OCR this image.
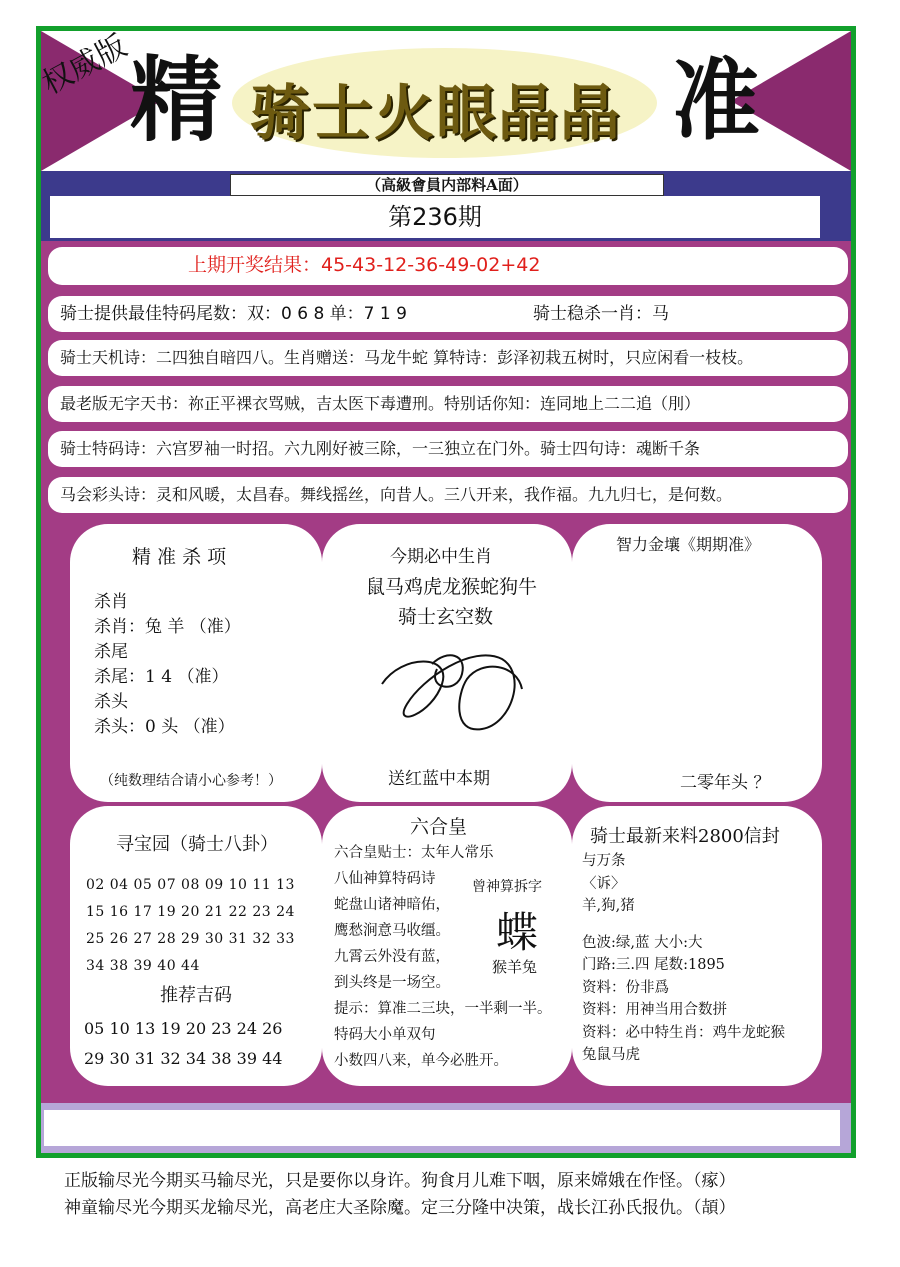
权威版
精 骑士火眼晶晶 准
（高級會員内部料A面）
第236期
上期开奖结果：45-43-12-36-49-02+42
骑士提供最佳特码尾数：双：0 6 8 单：7 1 9	骑士稳杀一肖：马
骑士天机诗：二四独自暗四八。生肖赠送：马龙牛蛇 算特诗：彭泽初栽五树时，只应闲看一枝枝。
最老版无字天书：祢正平裸衣骂贼，吉太医下毒遭刑。特别话你知：连同地上二二追（刖）
骑士特码诗：六宫罗袖一时招。六九刚好被三除，一三独立在门外。骑士四句诗：魂断千条
马会彩头诗：灵和风暖，太昌春。舞线摇丝，向昔人。三八开来，我作福。九九归七，是何数。
精 准 杀 项
杀肖
杀肖：兔 羊 （准）
杀尾
杀尾：1 4 （准）
杀头
杀头：0 头 （准）
（纯数理结合请小心参考！）
今期必中生肖
鼠马鸡虎龙猴蛇狗牛
骑士玄空数
送红蓝中本期
智力金壤《期期准》
二零年头 ？
寻宝园（骑士八卦）
02 04 05 07 08 09 10 11 13
15 16 17 19 20 21 22 23 24
25 26 27 28 29 30 31 32 33
34 38 39 40 44
推荐吉码
05 10 13 19 20 23 24 26
29 30 31 32 34 38 39 44
六合皇
六合皇贴士：太年人常乐
八仙神算特码诗
蛇盘山诸神暗佑，
鹰愁涧意马收缰。
九霄云外没有蓝，
到头终是一场空。
提示：算准二三块，一半剩一半。
特码大小单双句
小数四八来，单今必胜开。
曾神算拆字
蝶
猴羊兔
骑士最新来料2800信封
与万条
〈诉〉
羊,狗,猪
色波:绿,蓝 大小:大
门路:三.四 尾数:1895
资料：份非爲
资料：用神当用合数拼
资料：必中特生肖：鸡牛龙蛇猴
兔鼠马虎
正版输尽光今期买马输尽光，只是要你以身许。狗食月儿难下咽，原来嫦娥在作怪。（瘃）
神童输尽光今期买龙输尽光，高老庄大圣除魔。定三分隆中决策，战长江孙氏报仇。（頡）
